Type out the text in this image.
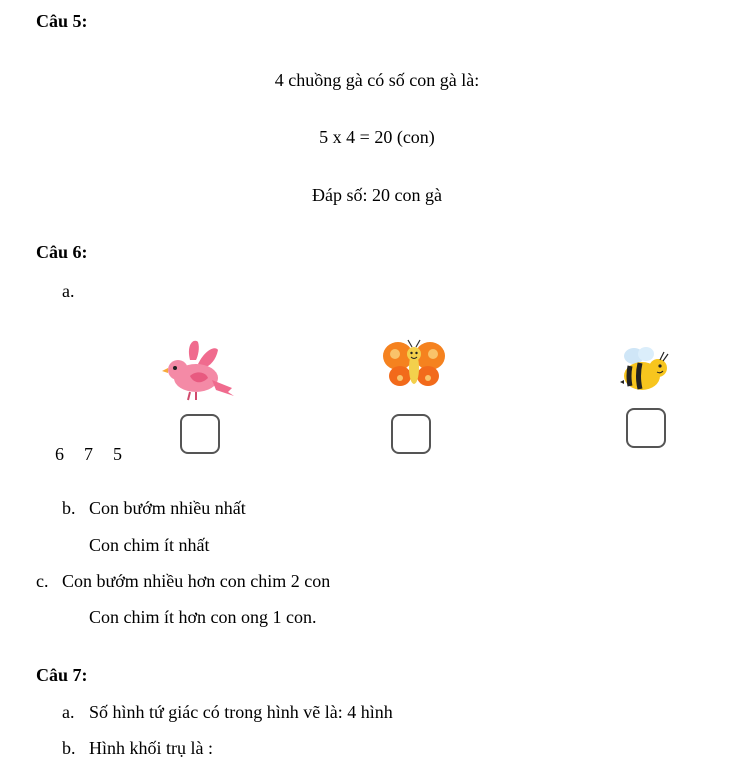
Câu 5:
4 chuồng gà có số con gà là:
5 x 4 = 20 (con)
Đáp số: 20 con gà
Câu 6:
a.
6 7 5
b. Con bướm nhiều nhất
Con chim ít nhất
c. Con bướm nhiều hơn con chim 2 con
Con chim ít hơn con ong 1 con.
Câu 7:
a. Số hình tứ giác có trong hình vẽ là: 4 hình
b. Hình khối trụ là :
